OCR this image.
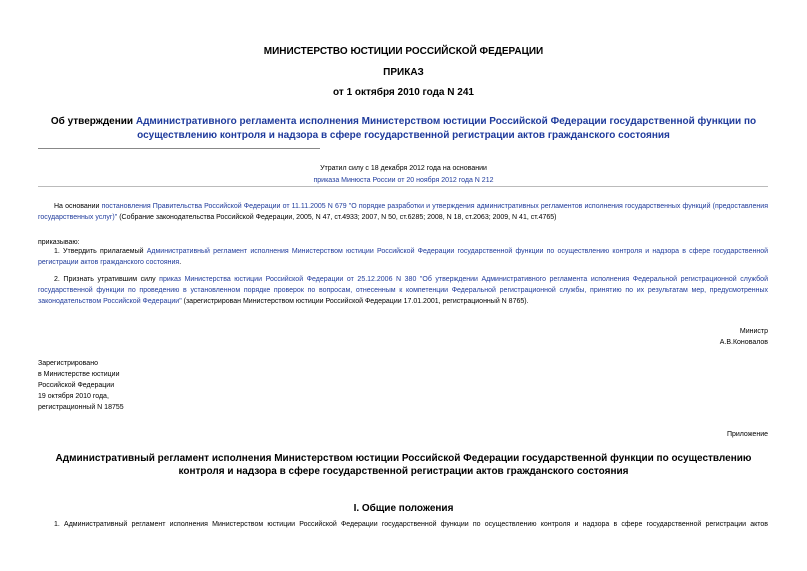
МИНИСТЕРСТВО ЮСТИЦИИ РОССИЙСКОЙ ФЕДЕРАЦИИ
ПРИКАЗ
от 1 октября 2010 года N 241
Об утверждении Административного регламента исполнения Министерством юстиции Российской Федерации государственной функции по осуществлению контроля и надзора в сфере государственной регистрации актов гражданского состояния
Утратил силу с 18 декабря 2012 года на основании
приказа Минюста России от 20 ноября 2012 года N 212
На основании постановления Правительства Российской Федерации от 11.11.2005 N 679 "О порядке разработки и утверждения административных регламентов исполнения государственных функций (предоставления государственных услуг)" (Собрание законодательства Российской Федерации, 2005, N 47, ст.4933; 2007, N 50, ст.6285; 2008, N 18, ст.2063; 2009, N 41, ст.4765)
приказываю:
1. Утвердить прилагаемый Административный регламент исполнения Министерством юстиции Российской Федерации государственной функции по осуществлению контроля и надзора в сфере государственной регистрации актов гражданского состояния.
2. Признать утратившим силу приказ Министерства юстиции Российской Федерации от 25.12.2006 N 380 "Об утверждении Административного регламента исполнения Федеральной регистрационной службой государственной функции по проведению в установленном порядке проверок по вопросам, отнесенным к компетенции Федеральной регистрационной службы, принятию по их результатам мер, предусмотренных законодательством Российской Федерации" (зарегистрирован Министерством юстиции Российской Федерации 17.01.2001, регистрационный N 8765).
Министр
А.В.Коновалов
Зарегистрировано
в Министерстве юстиции
Российской Федерации
19 октября 2010 года,
регистрационный N 18755
Приложение
Административный регламент исполнения Министерством юстиции Российской Федерации государственной функции по осуществлению контроля и надзора в сфере государственной регистрации актов гражданского состояния
I. Общие положения
1. Административный регламент исполнения Министерством юстиции Российской Федерации государственной функции по осуществлению контроля и надзора в сфере государственной регистрации актов
